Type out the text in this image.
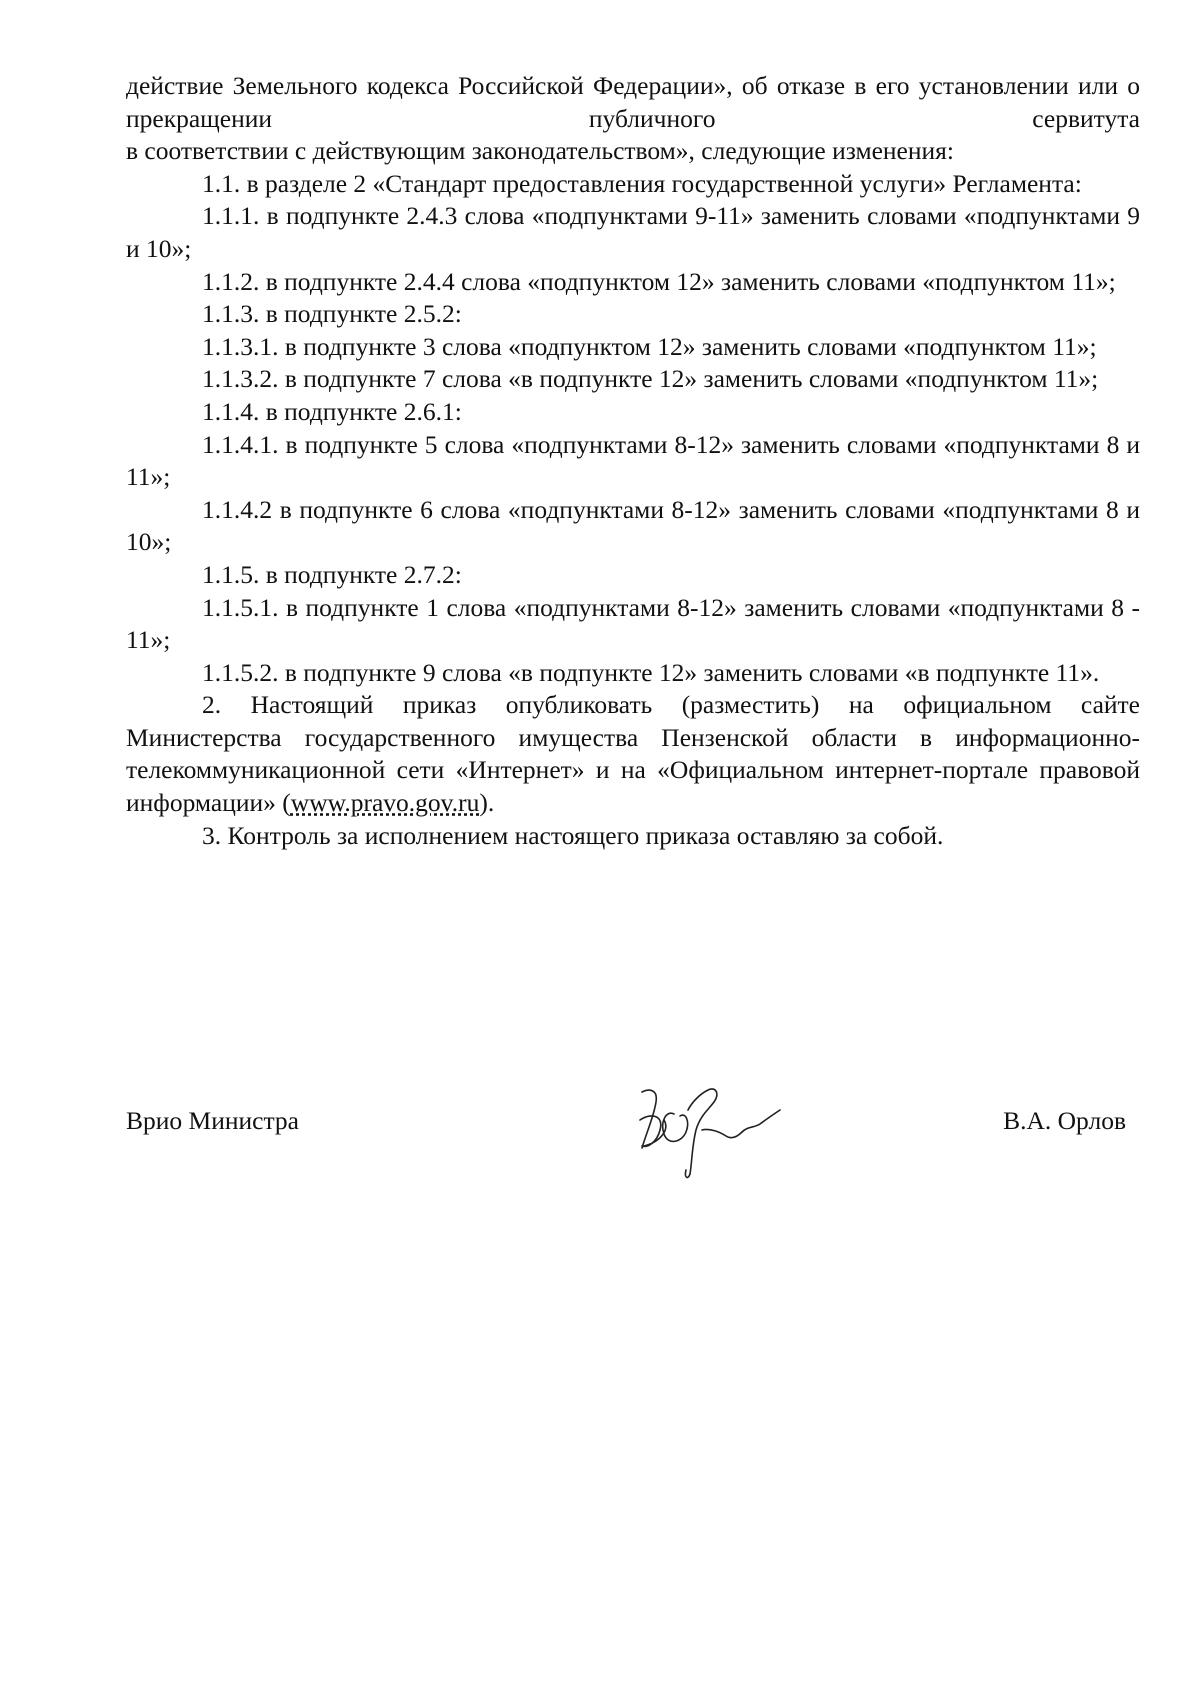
действие Земельного кодекса Российской Федерации», об отказе в его установлении или о прекращении публичного сервитута

в соответствии с действующим законодательством», следующие изменения:

1.1. в разделе 2 «Стандарт предоставления государственной услуги» Регламента:

1.1.1. в подпункте 2.4.3 слова «подпунктами 9-11» заменить словами «подпунктами 9 и 10»;

1.1.2. в подпункте 2.4.4 слова «подпунктом 12» заменить словами «подпунктом 11»;

1.1.3. в подпункте 2.5.2:

1.1.3.1. в подпункте 3 слова «подпунктом 12» заменить словами «подпунктом 11»;

1.1.3.2. в подпункте 7 слова «в подпункте 12» заменить словами «подпунктом 11»;

1.1.4. в подпункте 2.6.1:

1.1.4.1. в подпункте 5 слова «подпунктами 8-12» заменить словами «подпунктами 8 и 11»;

1.1.4.2 в подпункте 6 слова «подпунктами 8-12» заменить словами «подпунктами 8 и 10»;

1.1.5. в подпункте 2.7.2:

1.1.5.1. в подпункте 1 слова «подпунктами 8-12» заменить словами «подпунктами 8 - 11»;

1.1.5.2. в подпункте 9 слова «в подпункте 12» заменить словами «в подпункте 11».

2. Настоящий приказ опубликовать (разместить) на официальном сайте Министерства государственного имущества Пензенской области в информационно-телекоммуникационной сети «Интернет» и на «Официальном интернет-портале правовой информации» (www.pravo.gov.ru).

3. Контроль за исполнением настоящего приказа оставляю за собой.

Врио Министра	В.А. Орлов
